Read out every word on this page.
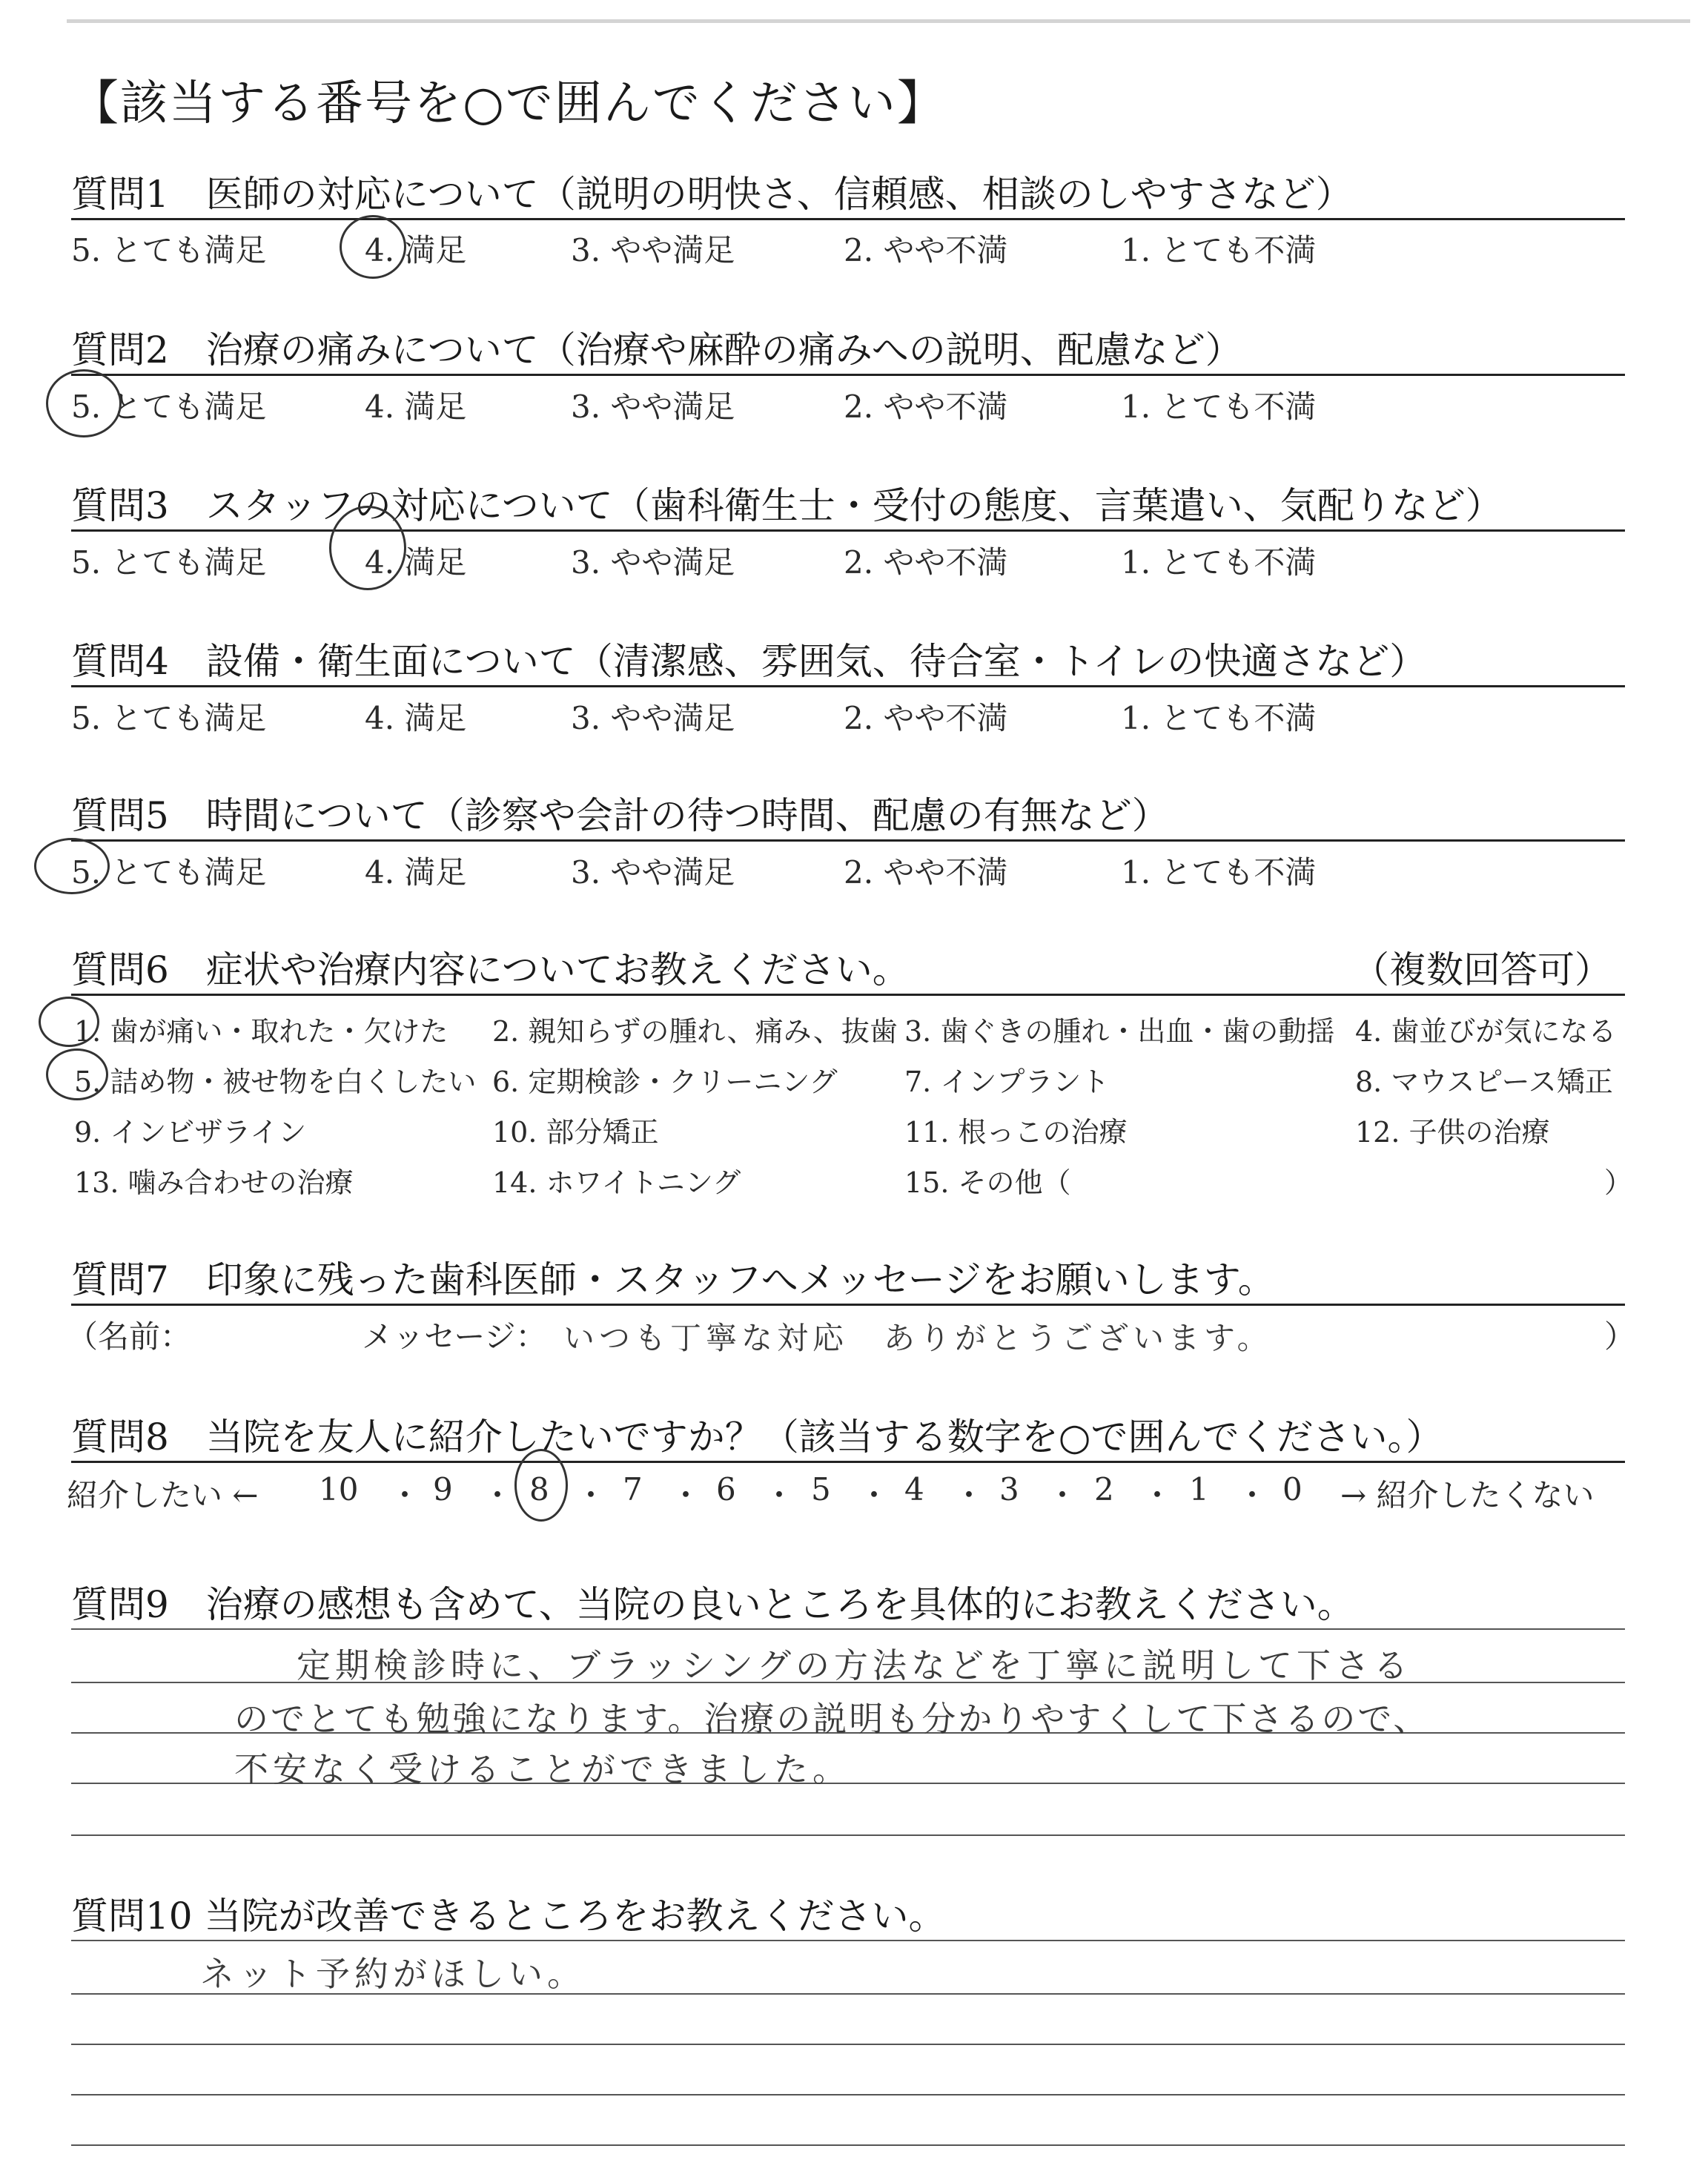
【該当する番号を○で囲んでください】
質問1　医師の対応について（説明の明快さ、信頼感、相談のしやすさなど）
5. とても満足	4. 満足	3. やや満足	2. やや不満	1. とても不満
質問2　治療の痛みについて（治療や麻酔の痛みへの説明、配慮など）
5. とても満足	4. 満足	3. やや満足	2. やや不満	1. とても不満
質問3　スタッフの対応について（歯科衛生士・受付の態度、言葉遣い、気配りなど）
5. とても満足	4. 満足	3. やや満足	2. やや不満	1. とても不満
質問4　設備・衛生面について（清潔感、雰囲気、待合室・トイレの快適さなど）
5. とても満足	4. 満足	3. やや満足	2. やや不満	1. とても不満
質問5　時間について（診察や会計の待つ時間、配慮の有無など）
5. とても満足	4. 満足	3. やや満足	2. やや不満	1. とても不満
質問6　症状や治療内容についてお教えください。	（複数回答可）
1. 歯が痛い・取れた・欠けた 2. 親知らずの腫れ、痛み、抜歯 3. 歯ぐきの腫れ・出血・歯の動揺 4. 歯並びが気になる
5. 詰め物・被せ物を白くしたい 6. 定期検診・クリーニング 7. インプラント	8. マウスピース矯正
9. インビザライン	10. 部分矯正	11. 根っこの治療	12. 子供の治療
13. 噛み合わせの治療	14. ホワイトニング	15. その他（	）
質問7　印象に残った歯科医師・スタッフへメッセージをお願いします。
（名前：	メッセージ： いつも丁寧な対応　ありがとうございます。	）
質問8　当院を友人に紹介したいですか？（該当する数字を○で囲んでください。）
紹介したい ←	→ 紹介したくない
10 ・ 9 ・ 8 ・ 7 ・ 6 ・ 5 ・ 4 ・ 3 ・ 2 ・ 1 ・ 0
質問9　治療の感想も含めて、当院の良いところを具体的にお教えください。
定期検診時に、ブラッシングの方法などを丁寧に説明して下さる
のでとても勉強になります。治療の説明も分かりやすくして下さるので、
不安なく受けることができました。
質問10 当院が改善できるところをお教えください。
ネット予約がほしい。
